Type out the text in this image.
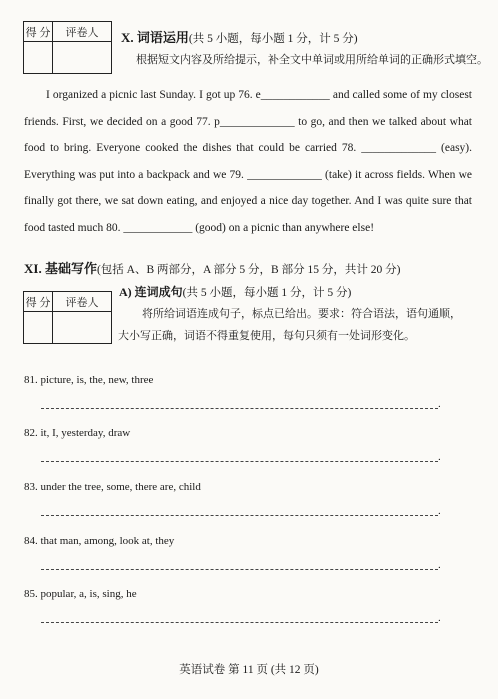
得 分	评卷人
	X. 词语运用(共 5 小题，每小题 1 分，计 5 分)
根据短文内容及所给提示，补全文中单词或用所给单词的正确形式填空。
I organized a picnic last Sunday. I got up 76. e____________ and called some of my closest friends. First, we decided on a good 77. p_____________ to go, and then we talked about what food to bring. Everyone cooked the dishes that could be carried 78. _____________ (easy). Everything was put into a backpack and we 79. _____________ (take) it across fields. When we finally got there, we sat down eating, and enjoyed a nice day together. And I was quite sure that food tasted much 80. ____________ (good) on a picnic than anywhere else!
XI. 基础写作(包括 A、B 两部分，A 部分 5 分，B 部分 15 分，共计 20 分)
得 分	评卷人

A) 连词成句(共 5 小题，每小题 1 分，计 5 分)
将所给词语连成句子，标点已给出。要求：符合语法，语句通顺，
大小写正确，词语不得重复使用，每句只须有一处词形变化。
81. picture, is, the, new, three
.
82. it, I, yesterday, draw
.
83. under the tree, some, there are, child
.
84. that man, among, look at, they
.
85. popular, a, is, sing, he
.
英语试卷 第 11 页 (共 12 页)
